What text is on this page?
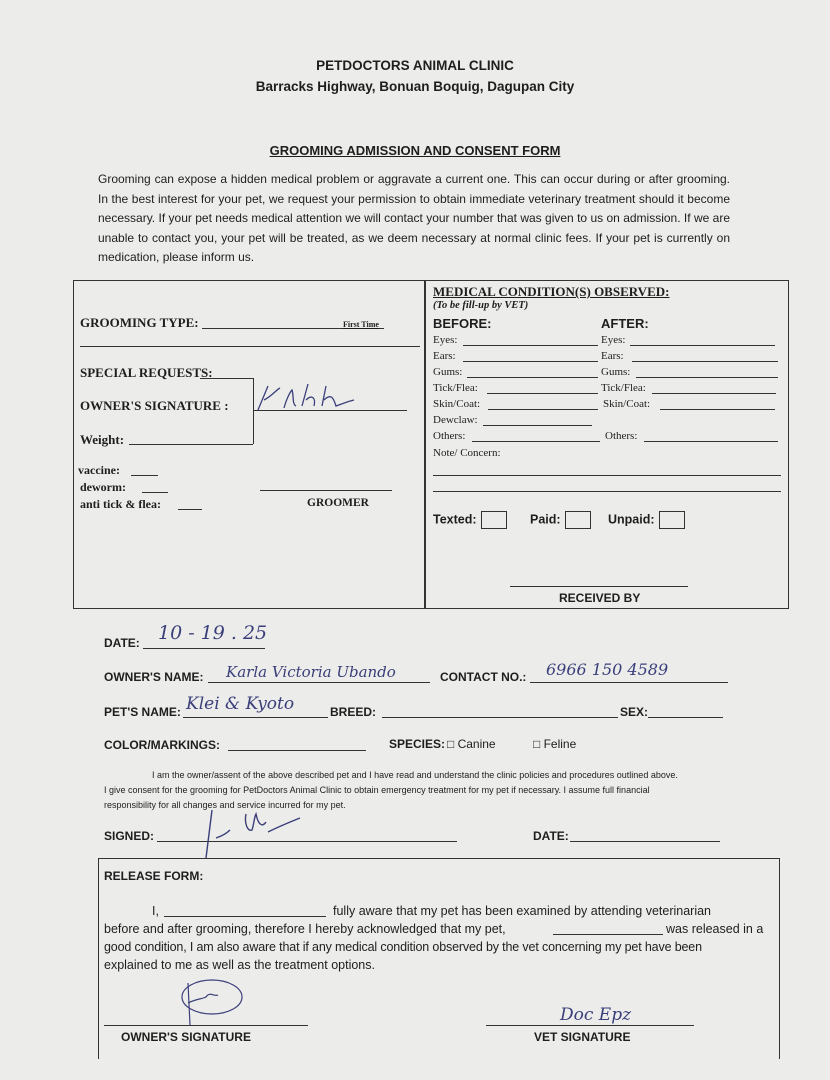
PETDOCTORS ANIMAL CLINIC
Barracks Highway, Bonuan Boquig, Dagupan City
GROOMING ADMISSION AND CONSENT FORM
Grooming can expose a hidden medical problem or aggravate a current one. This can occur during or after grooming. In the best interest for your pet, we request your permission to obtain immediate veterinary treatment should it become necessary. If your pet needs medical attention we will contact your number that was given to us on admission. If we are unable to contact you, your pet will be treated, as we deem necessary at normal clinic fees. If your pet is currently on medication, please inform us.
GROOMING TYPE:	First Time
SPECIAL REQUESTS:
OWNER'S SIGNATURE :
Weight:
vaccine:
deworm:
anti tick & flea:	GROOMER
MEDICAL CONDITION(S) OBSERVED:
(To be fill-up by VET)
BEFORE:	AFTER:
Eyes:	Eyes:
Ears:	Ears:
Gums:	Gums:
Tick/Flea:	Tick/Flea:
Skin/Coat:	Skin/Coat:
Dewclaw:
Others:	Others:
Note/ Concern:
Texted:	Paid:	Unpaid:
RECEIVED BY
DATE: 10 - 19 . 25
OWNER'S NAME: Karla Victoria Ubando	CONTACT NO.: 6966 150 4589
PET'S NAME: Klei & Kyoto	BREED:	SEX:
COLOR/MARKINGS:	SPECIES: □ Canine	□ Feline
I am the owner/assent of the above described pet and I have read and understand the clinic policies and procedures outlined above.
I give consent for the grooming for PetDoctors Animal Clinic to obtain emergency treatment for my pet if necessary. I assume full financial
responsibility for all changes and service incurred for my pet.
SIGNED:	DATE:
RELEASE FORM:
I,	fully aware that my pet has been examined by attending veterinarian
before and after grooming, therefore I hereby acknowledged that my pet,	was released in a
good condition, I am also aware that if any medical condition observed by the vet concerning my pet have been
explained to me as well as the treatment options.
OWNER'S SIGNATURE
Doc Epz
VET SIGNATURE
